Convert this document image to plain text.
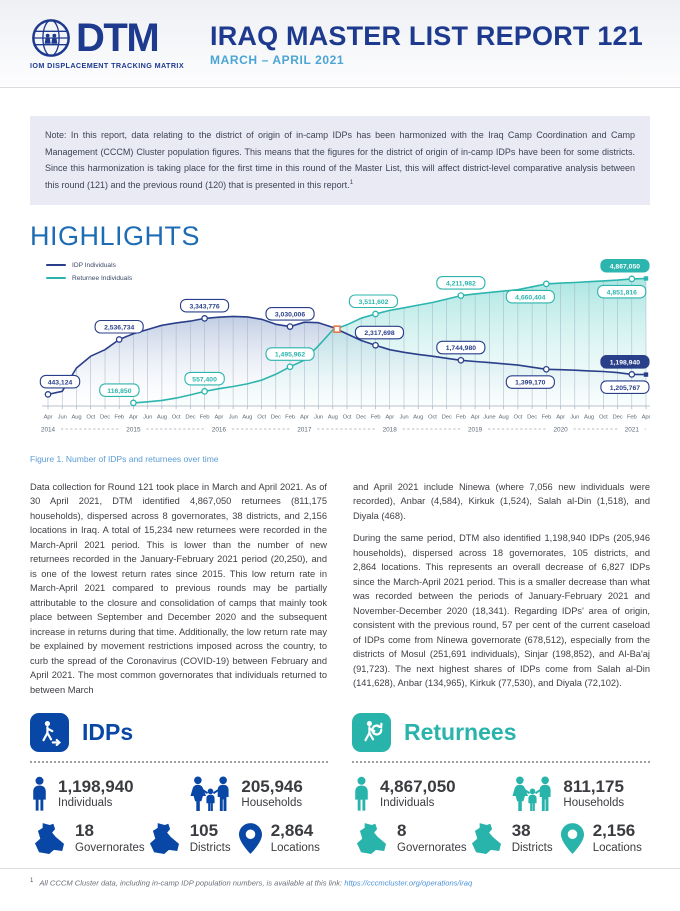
DTM
IOM DISPLACEMENT TRACKING MATRIX
IRAQ MASTER LIST REPORT 121
MARCH – APRIL 2021
Note: In this report, data relating to the district of origin of in-camp IDPs has been harmonized with the Iraq Camp Coordination and Camp Management (CCCM) Cluster population figures. This means that the figures for the district of origin of in-camp IDPs have been for some districts. Since this harmonization is taking place for the first time in this round of the Master List, this will affect district-level comparative analysis between this round (121) and the previous round (120) that is presented in this report.$^1$
HIGHLIGHTS
IDP Individuals
Returnee Individuals
443,124
2,536,734
3,343,776
3,030,006
2,317,698
1,744,980
1,399,170
1,205,767
1,198,940
116,850
557,400
1,495,962
3,511,602
4,211,982
4,660,404
4,851,816
4,867,050
Apr Jun Aug Oct Dec Feb Apr Jun Aug Oct Dec Feb Apr Jun Aug Oct Dec Feb Apr Jun Aug Oct Dec Feb Apr Jun Aug Oct Dec Feb Apr June Aug Oct Dec Feb Apr Jun Aug Oct Dec Feb Apr
2014	2015	2016	2017	2018	2019	2020	2021
Figure 1. Number of IDPs and returnees over time

Data collection for Round 121 took place in March and April 2021. As of 30 April 2021, DTM identified 4,867,050 returnees (811,175 households), dispersed across 8 governorates, 38 districts, and 2,156 locations in Iraq. A total of 15,234 new returnees were recorded in the March-April 2021 period. This is lower than the number of new returnees recorded in the January-February 2021 period (20,250), and is one of the lowest return rates since 2015. This low return rate in March-April 2021 compared to previous rounds may be partially attributable to the closure and consolidation of camps that mainly took place between September and December 2020 and the subsequent increase in returns during that time. Additionally, the low return rate may be explained by movement restrictions imposed across the country, to curb the spread of the Coronavirus (COVID-19) between February and April 2021. The most common governorates that individuals returned to between March

and April 2021 include Ninewa (where 7,056 new individuals were recorded), Anbar (4,584), Kirkuk (1,524), Salah al-Din (1,518), and Diyala (468).

During the same period, DTM also identified 1,198,940 IDPs (205,946 households), dispersed across 18 governorates, 105 districts, and 2,864 locations. This represents an overall decrease of 6,827 IDPs since the March-April 2021 period. This is a smaller decrease than what was recorded between the periods of January-February 2021 and November-December 2020 (18,341). Regarding IDPs' area of origin, consistent with the previous round, 57 per cent of the current caseload of IDPs come from Ninewa governorate (678,512), especially from the districts of Mosul (251,691 individuals), Sinjar (198,852), and Al-Ba'aj (91,723). The next highest shares of IDPs come from Salah al-Din (141,628), Anbar (134,965), Kirkuk (77,530), and Diyala (72,102).

IDPs
1,198,940
Individuals
205,946
Households
18
Governorates
105
Districts
2,864
Locations
Returnees
4,867,050
Individuals
811,175
Households
8
Governorates
38
Districts
2,156
Locations
$^1$ All CCCM Cluster data, including in-camp IDP population numbers, is available at this link: https://cccmcluster.org/operations/iraq
